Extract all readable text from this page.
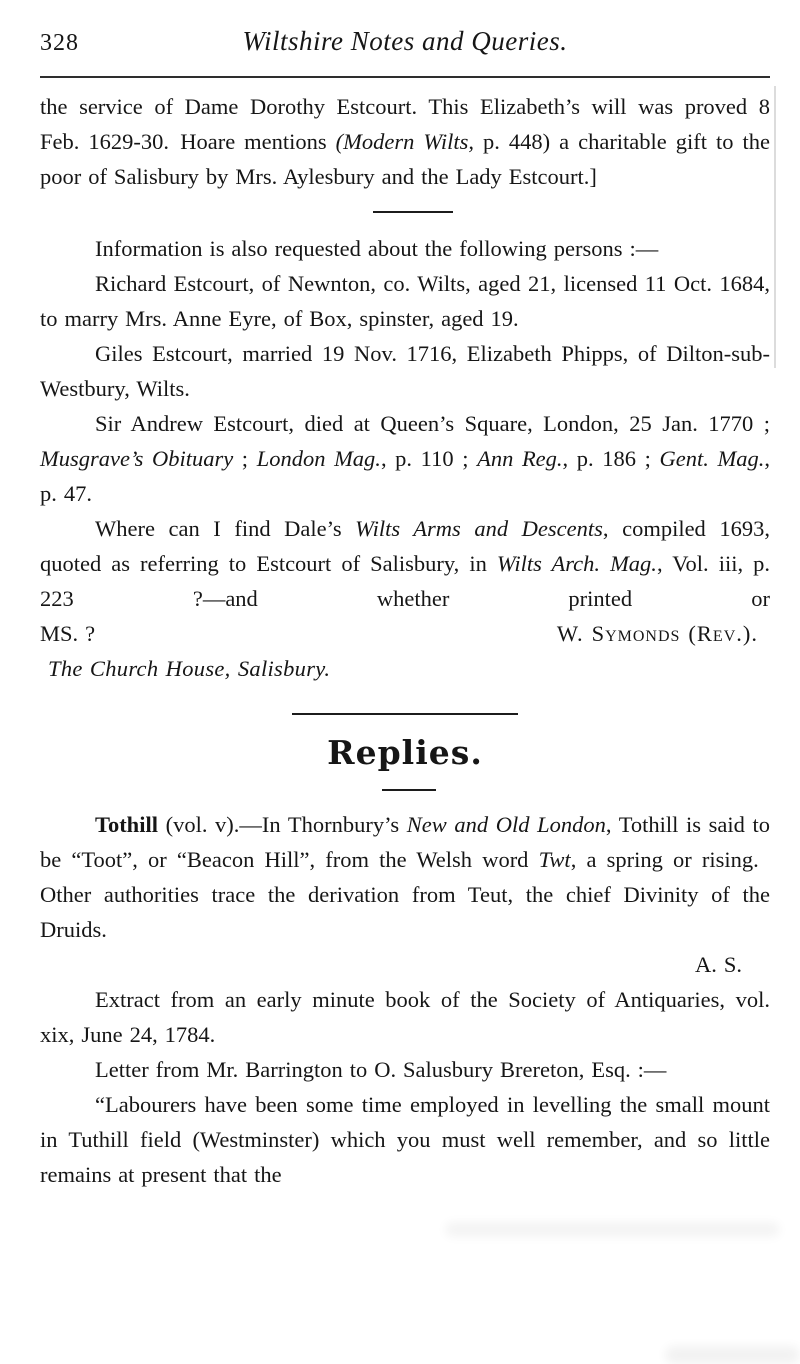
328	Wiltshire Notes and Queries.

the service of Dame Dorothy Estcourt. This Elizabeth’s will was proved 8 Feb. 1629-30. Hoare mentions (Modern Wilts, p. 448) a charitable gift to the poor of Salisbury by Mrs. Aylesbury and the Lady Estcourt.]

Information is also requested about the following persons :—

Richard Estcourt, of Newnton, co. Wilts, aged 21, licensed 11 Oct. 1684, to marry Mrs. Anne Eyre, of Box, spinster, aged 19.

Giles Estcourt, married 19 Nov. 1716, Elizabeth Phipps, of Dilton-sub-Westbury, Wilts.

Sir Andrew Estcourt, died at Queen’s Square, London, 25 Jan. 1770 ; Musgrave’s Obituary ; London Mag., p. 110 ; Ann Reg., p. 186 ; Gent. Mag., p. 47.

Where can I find Dale’s Wilts Arms and Descents, compiled 1693, quoted as referring to Estcourt of Salisbury, in Wilts Arch. Mag., Vol. iii, p. 223 ?—and whether printed or

MS. ?	W. Symonds (Rev.).

The Church House, Salisbury.

Replies.

Tothill (vol. v).—In Thornbury’s New and Old London, Tothill is said to be “Toot”, or “Beacon Hill”, from the Welsh word Twt, a spring or rising. Other authorities trace the derivation from Teut, the chief Divinity of the Druids.

A. S.

Extract from an early minute book of the Society of Antiquaries, vol. xix, June 24, 1784.

Letter from Mr. Barrington to O. Salusbury Brereton, Esq. :—

“Labourers have been some time employed in levelling the small mount in Tuthill field (Westminster) which you must well remember, and so little remains at present that the
